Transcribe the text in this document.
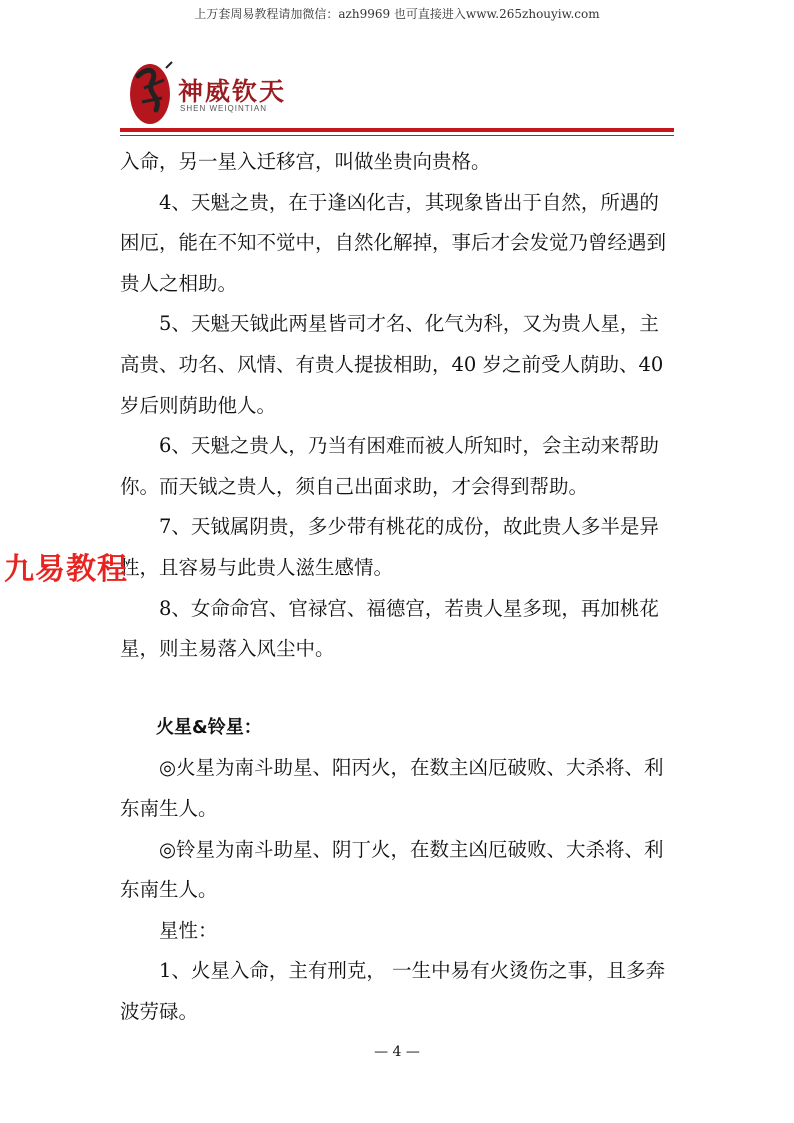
上万套周易教程请加微信：azh9969 也可直接进入www.265zhouyiw.com
神威钦天
SHEN WEIQINTIAN

入命，另一星入迁移宫，叫做坐贵向贵格。

4、天魁之贵，在于逢凶化吉，其现象皆出于自然，所遇的困厄，能在不知不觉中，自然化解掉，事后才会发觉乃曾经遇到贵人之相助。

5、天魁天钺此两星皆司才名、化气为科，又为贵人星，主高贵、功名、风情、有贵人提拔相助，40 岁之前受人荫助、40 岁后则荫助他人。

6、天魁之贵人，乃当有困难而被人所知时，会主动来帮助你。而天钺之贵人，须自己出面求助，才会得到帮助。

7、天钺属阴贵，多少带有桃花的成份，故此贵人多半是异性，且容易与此贵人滋生感情。

8、女命命宫、官禄宫、福德宫，若贵人星多现，再加桃花星，则主易落入风尘中。

火星&铃星：

◎火星为南斗助星、阳丙火，在数主凶厄破败、大杀将、利东南生人。

◎铃星为南斗助星、阴丁火，在数主凶厄破败、大杀将、利东南生人。

星性：

1、火星入命，主有刑克， 一生中易有火烫伤之事，且多奔波劳碌。

九易教程
— 4 —
